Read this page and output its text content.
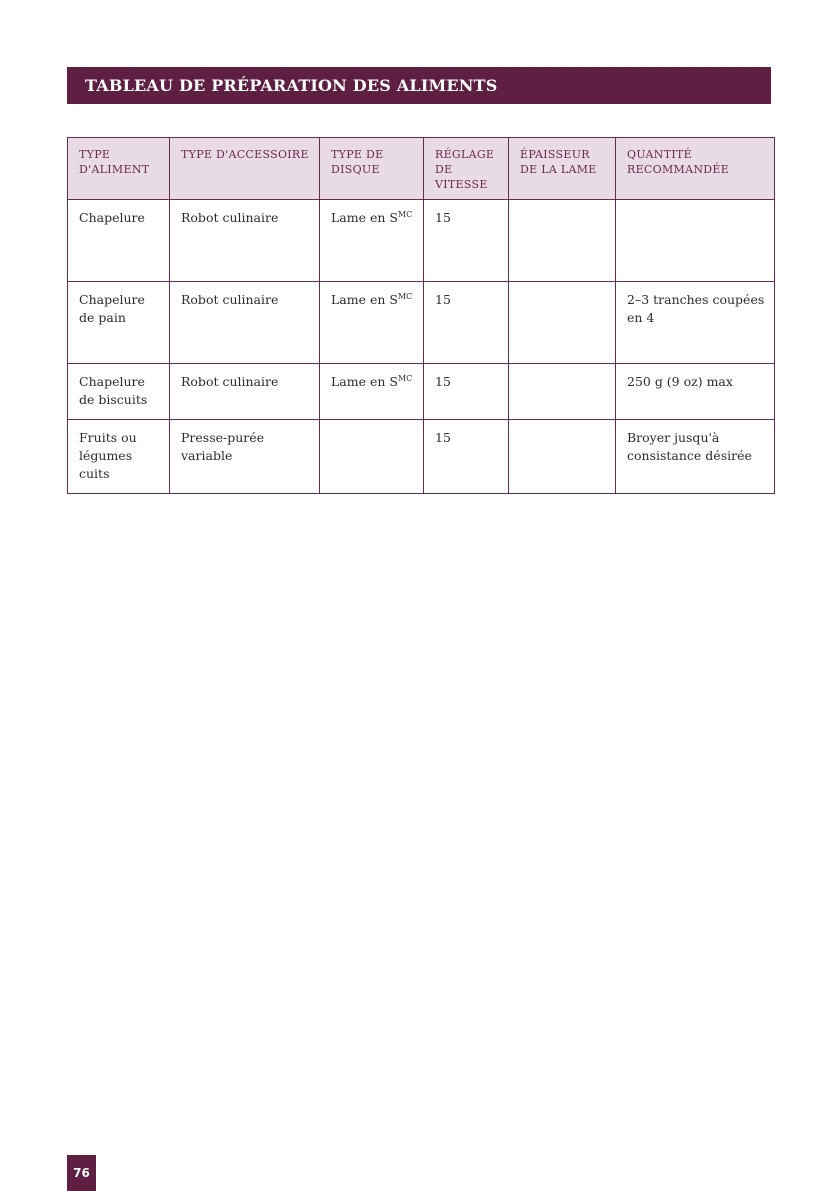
TABLEAU DE PRÉPARATION DES ALIMENTS
TYPE D'ALIMENT	TYPE D'ACCESSOIRE	TYPE DE DISQUE	RÉGLAGE DE VITESSE	ÉPAISSEUR DE LA LAME	QUANTITÉ RECOMMANDÉE
Chapelure	Robot culinaire	Lame en $S^{MC}$	15		
Chapelure de pain	Robot culinaire	Lame en $S^{MC}$	15		2–3 tranches coupées en 4
Chapelure de biscuits	Robot culinaire	Lame en $S^{MC}$	15		250 g (9 oz) max
Fruits ou légumes cuits	Presse-purée variable		15		Broyer jusqu'à consistance désirée
76
